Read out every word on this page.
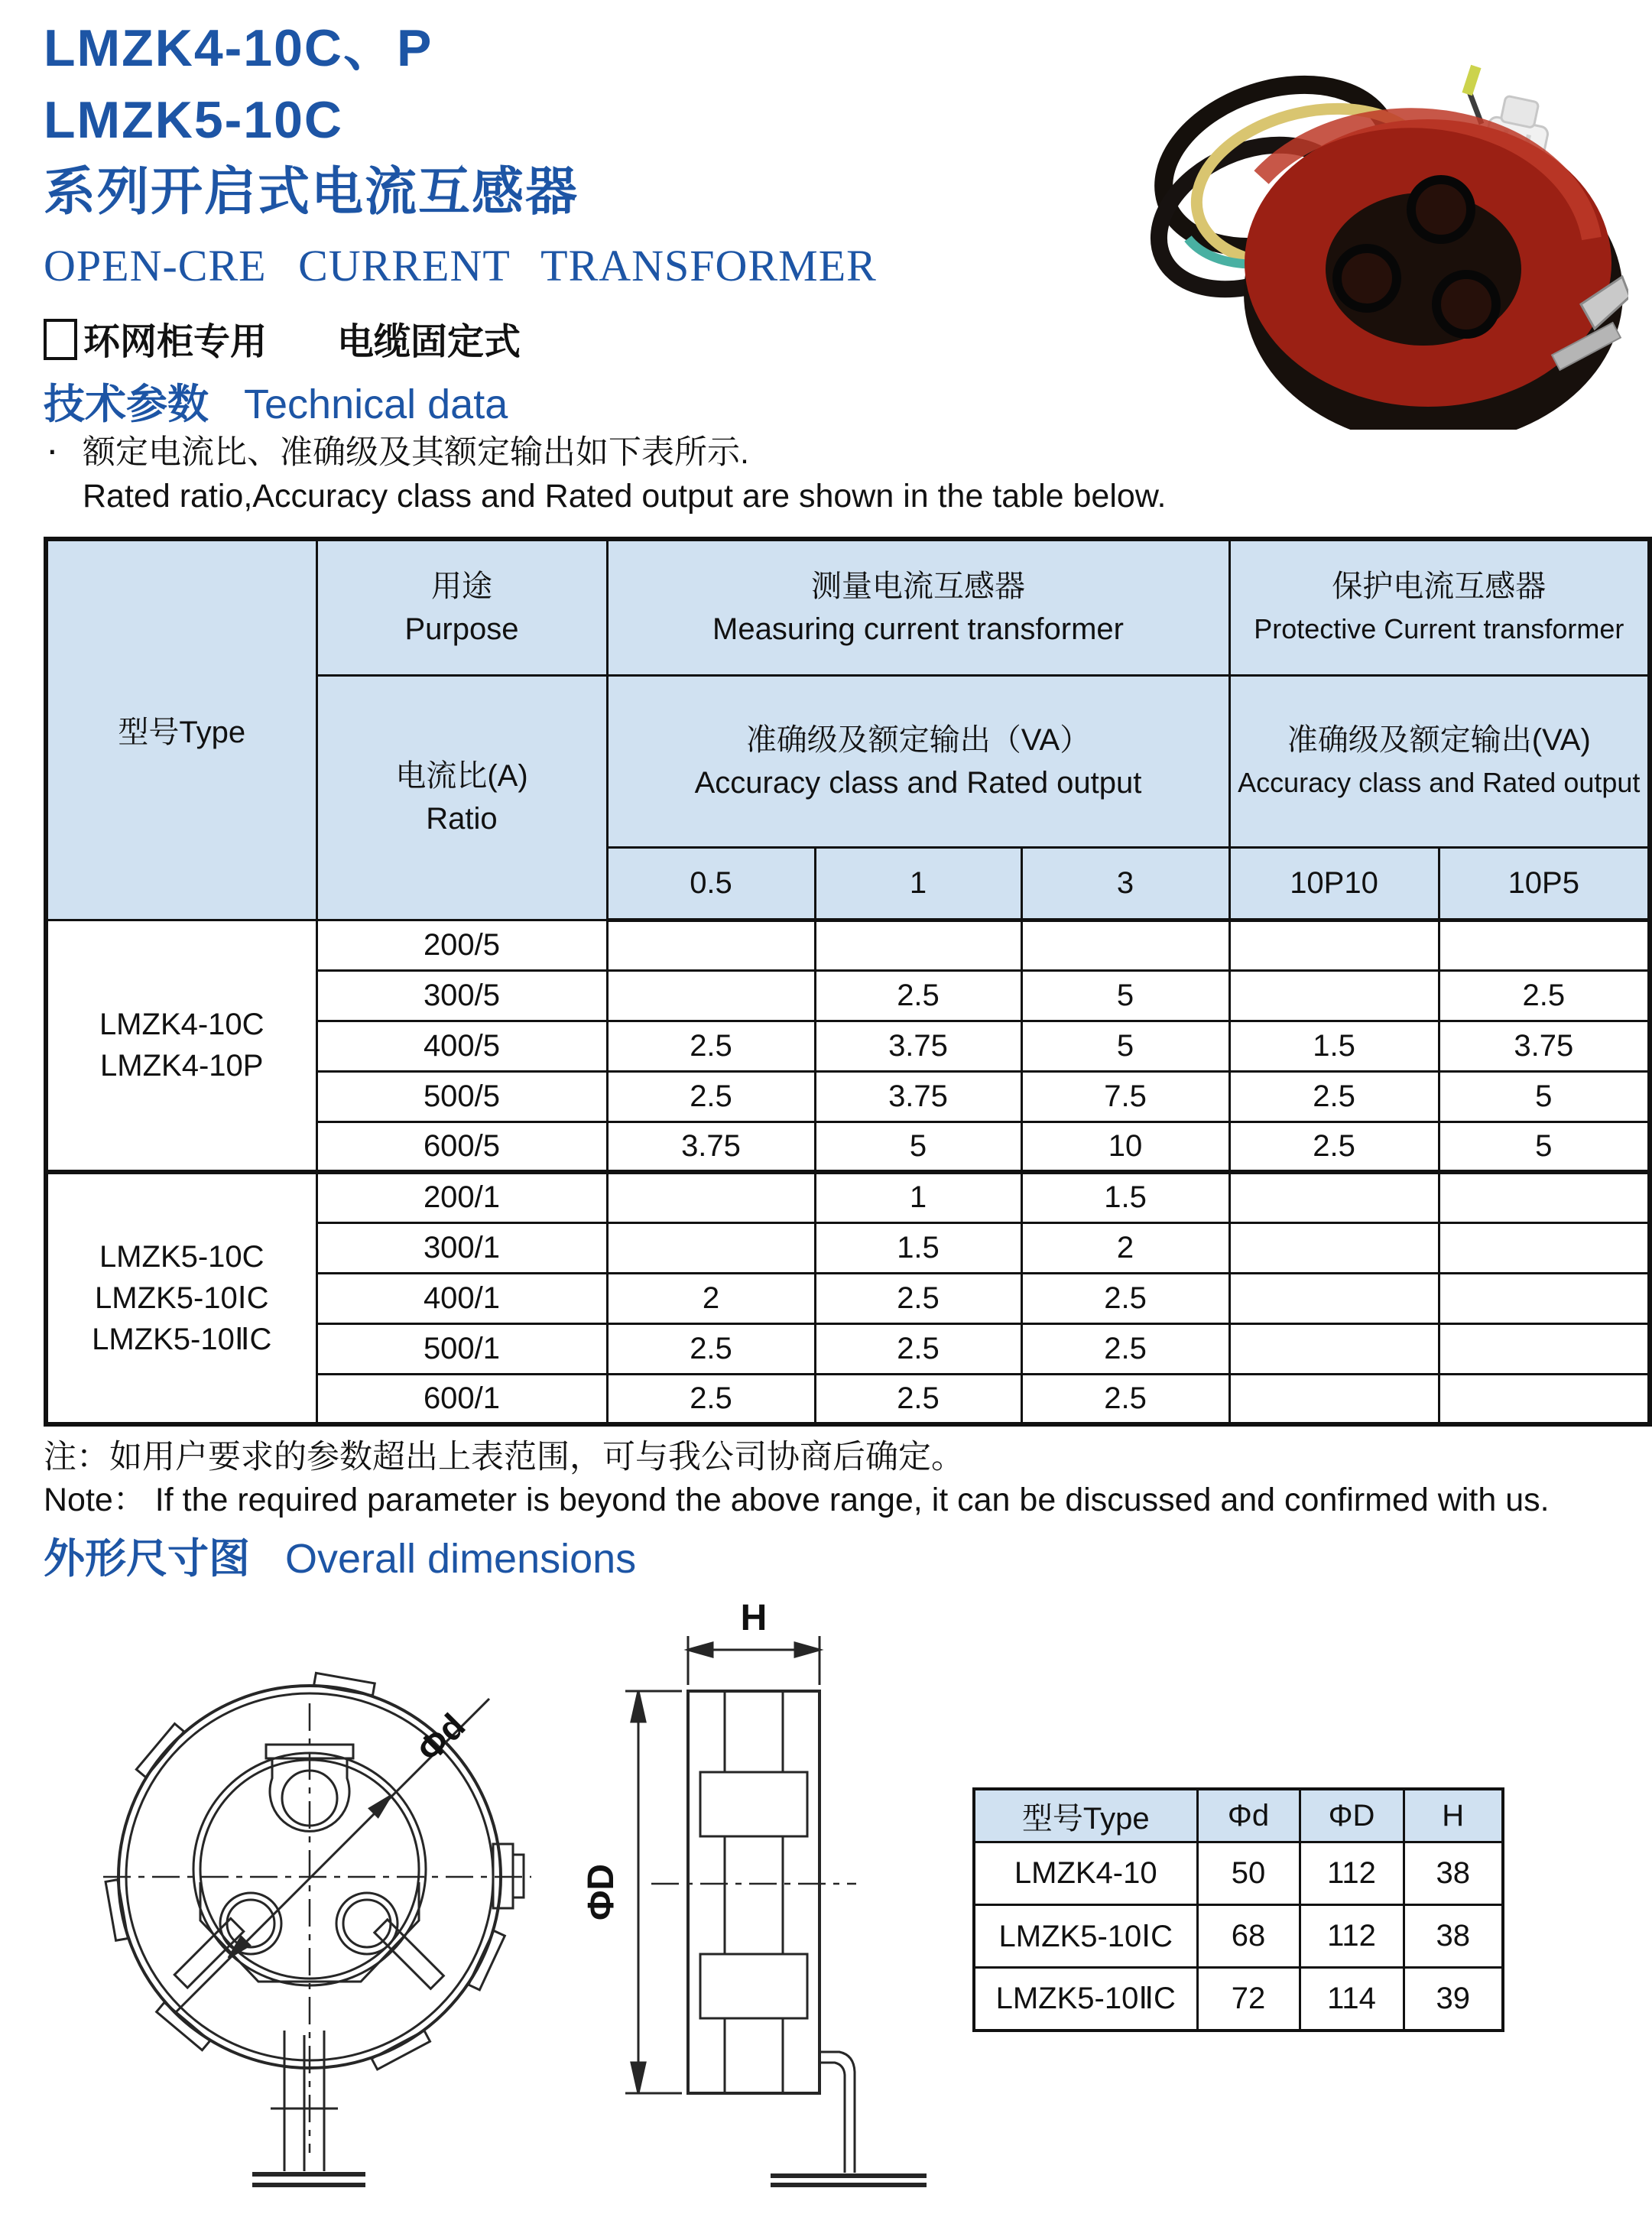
LMZK4-10C、P
LMZK5-10C
系列开启式电流互感器
OPEN-CRE CURRENT TRANSFORMER
环网柜专用 电缆固定式
技术参数 Technical data
· 额定电流比、准确级及其额定输出如下表所示.
Rated ratio,Accuracy class and Rated output are shown in the table below.
型号Type	用途
Purpose	测量电流互感器
Measuring current transformer			保护电流互感器
Protective Current transformer	

	电流比(A)
Ratio	准确级及额定输出（VA）
Accuracy class and Rated output			准确级及额定输出(VA)
Accuracy class and Rated output	

		0.5	1	3	10P10	10P5

LMZK4-10C
LMZK4-10P	200/5					
	300/5		2.5	5		2.5
	400/5	2.5	3.75	5	1.5	3.75
	500/5	2.5	3.75	7.5	2.5	5
	600/5	3.75	5	10	2.5	5

LMZK5-10C
LMZK5-10ⅠC
LMZK5-10ⅡC	200/1		1	1.5		
	300/1		1.5	2		
	400/1	2	2.5	2.5		
	500/1	2.5	2.5	2.5		
	600/1	2.5	2.5	2.5		
注：如用户要求的参数超出上表范围，可与我公司协商后确定。
Note： If the required parameter is beyond the above range, it can be discussed and confirmed with us.
外形尺寸图 Overall dimensions
Φd
H
ΦD
型号Type	Φd	ΦD	H
LMZK4-10	50	112	38
LMZK5-10ⅠC	68	112	38
LMZK5-10ⅡC	72	114	39
